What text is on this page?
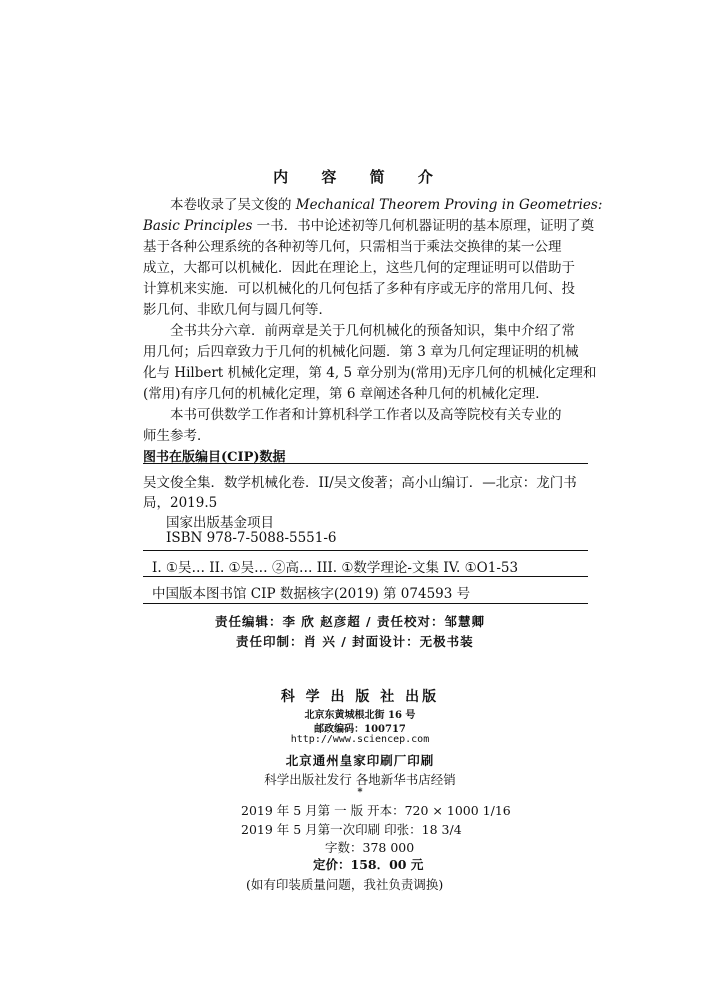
内 容 简 介

本卷收录了吴文俊的 Mechanical Theorem Proving in Geometries:
Basic Principles 一书．书中论述初等几何机器证明的基本原理，证明了奠
基于各种公理系统的各种初等几何，只需相当于乘法交换律的某一公理
成立，大都可以机械化．因此在理论上，这些几何的定理证明可以借助于
计算机来实施．可以机械化的几何包括了多种有序或无序的常用几何、投
影几何、非欧几何与圆几何等．

全书共分六章．前两章是关于几何机械化的预备知识，集中介绍了常
用几何；后四章致力于几何的机械化问题．第 3 章为几何定理证明的机械
化与 Hilbert 机械化定理，第 4, 5 章分别为(常用)无序几何的机械化定理和
(常用)有序几何的机械化定理，第 6 章阐述各种几何的机械化定理．

本书可供数学工作者和计算机科学工作者以及高等院校有关专业的
师生参考．

图书在版编目(CIP)数据
吴文俊全集．数学机械化卷．II/吴文俊著；高小山编订．—北京：龙门书
局，2019.5
国家出版基金项目
ISBN 978-7-5088-5551-6
I. ①吴… II. ①吴… ②高… III. ①数学理论-文集 IV. ①O1-53
中国版本图书馆 CIP 数据核字(2019) 第 074593 号
责任编辑：李 欣 赵彦超 / 责任校对：邹慧卿
责任印制：肖 兴 / 封面设计：无极书装
科 学 出 版 社 出版
北京东黄城根北街 16 号
邮政编码：100717
http://www.sciencep.com
北京通州皇家印刷厂印刷
科学出版社发行 各地新华书店经销
*
2019 年 5 月第 一 版 开本：720 × 1000 1/16
2019 年 5 月第一次印刷 印张：18 3/4
字数：378 000
定价：158．00 元
(如有印装质量问题，我社负责调换)
